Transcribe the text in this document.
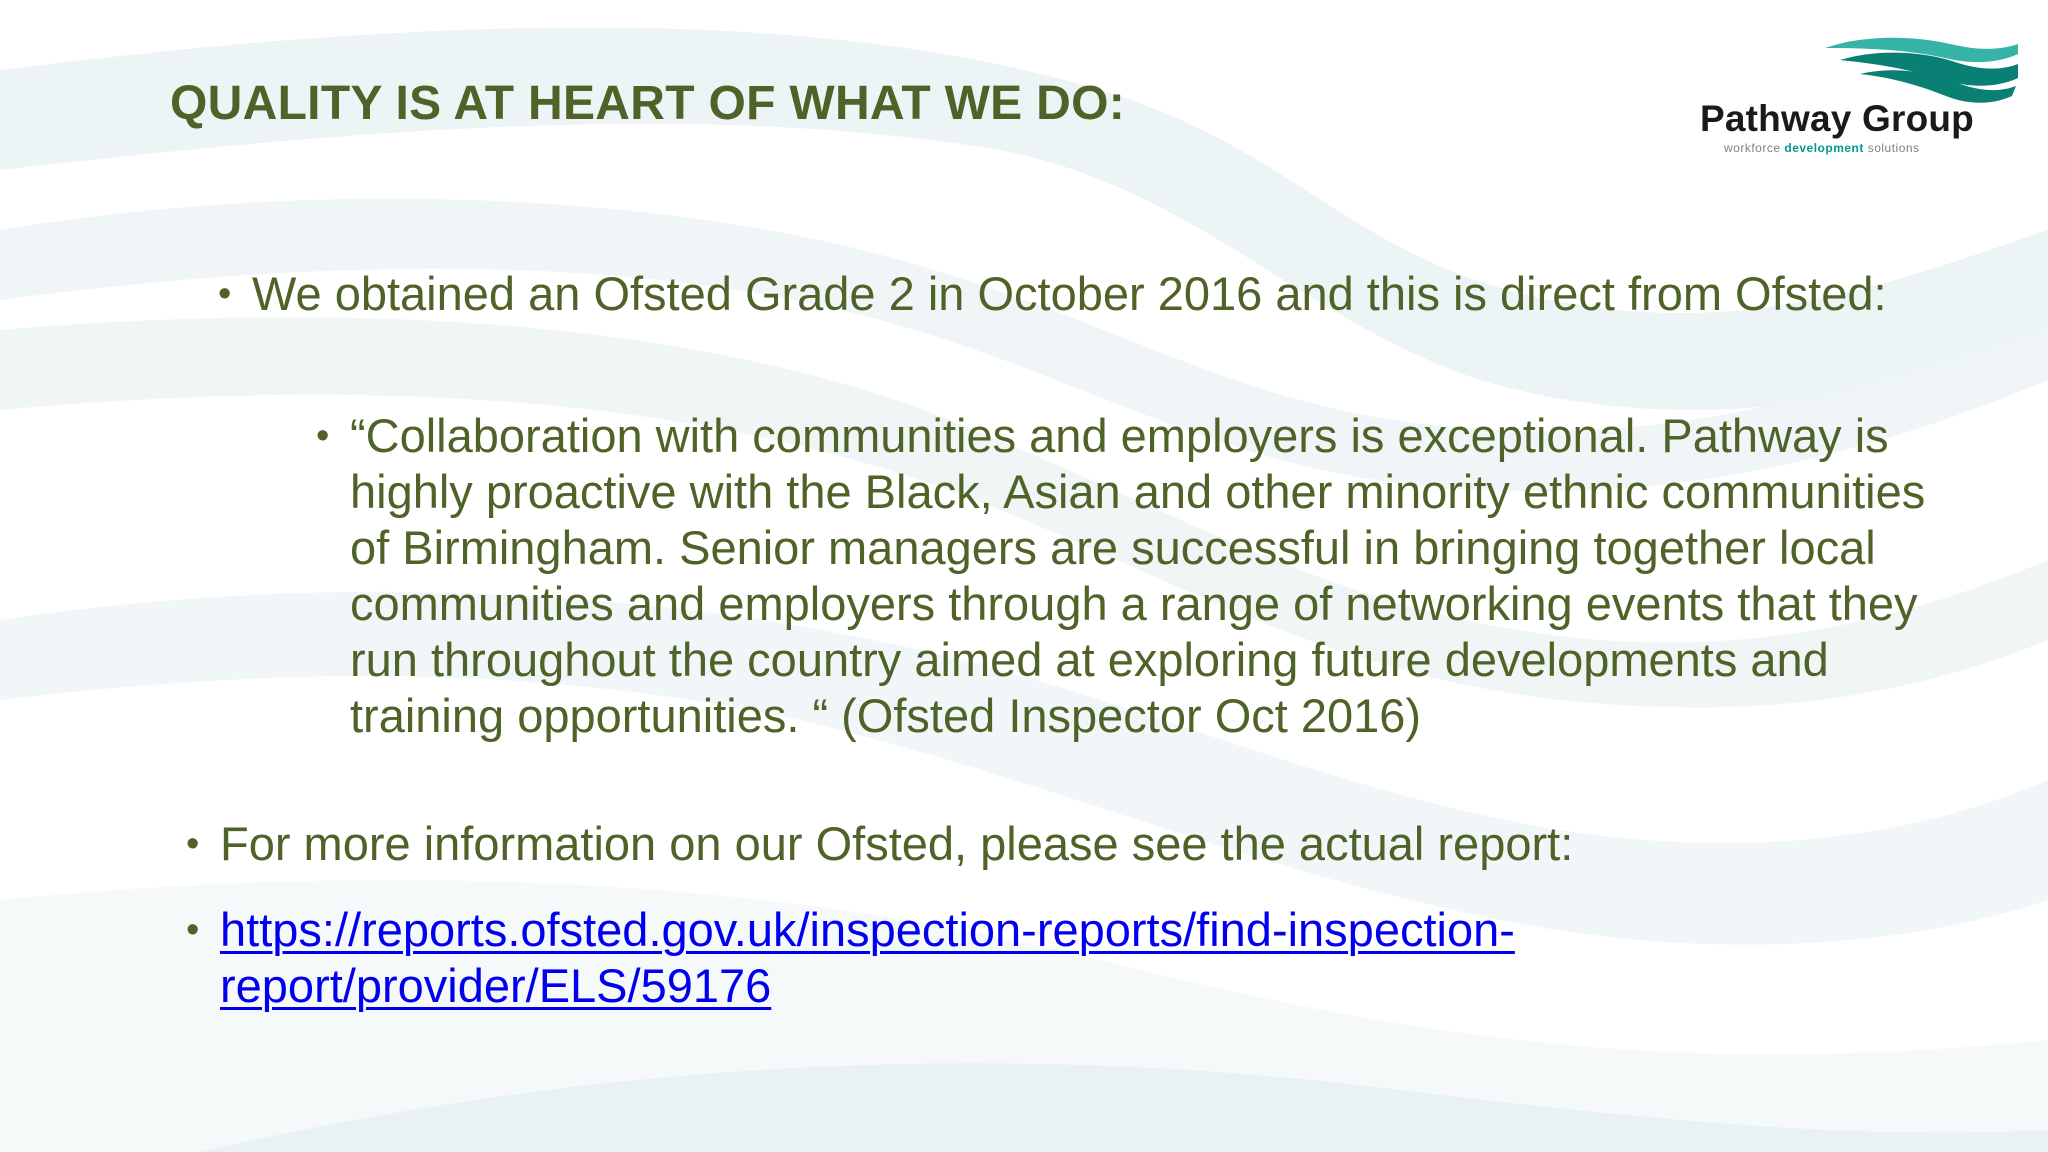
QUALITY IS AT HEART OF WHAT WE DO:	Pathway Group
workforce development solutions
• We obtained an Ofsted Grade 2 in October 2016 and this is direct from Ofsted:
• “Collaboration with communities and employers is exceptional. Pathway is highly proactive with the Black, Asian and other minority ethnic communities of Birmingham. Senior managers are successful in bringing together local communities and employers through a range of networking events that they run throughout the country aimed at exploring future developments and training opportunities. “ (Ofsted Inspector Oct 2016)
• For more information on our Ofsted, please see the actual report:
• https://reports.ofsted.gov.uk/inspection-reports/find-inspection-report/provider/ELS/59176
